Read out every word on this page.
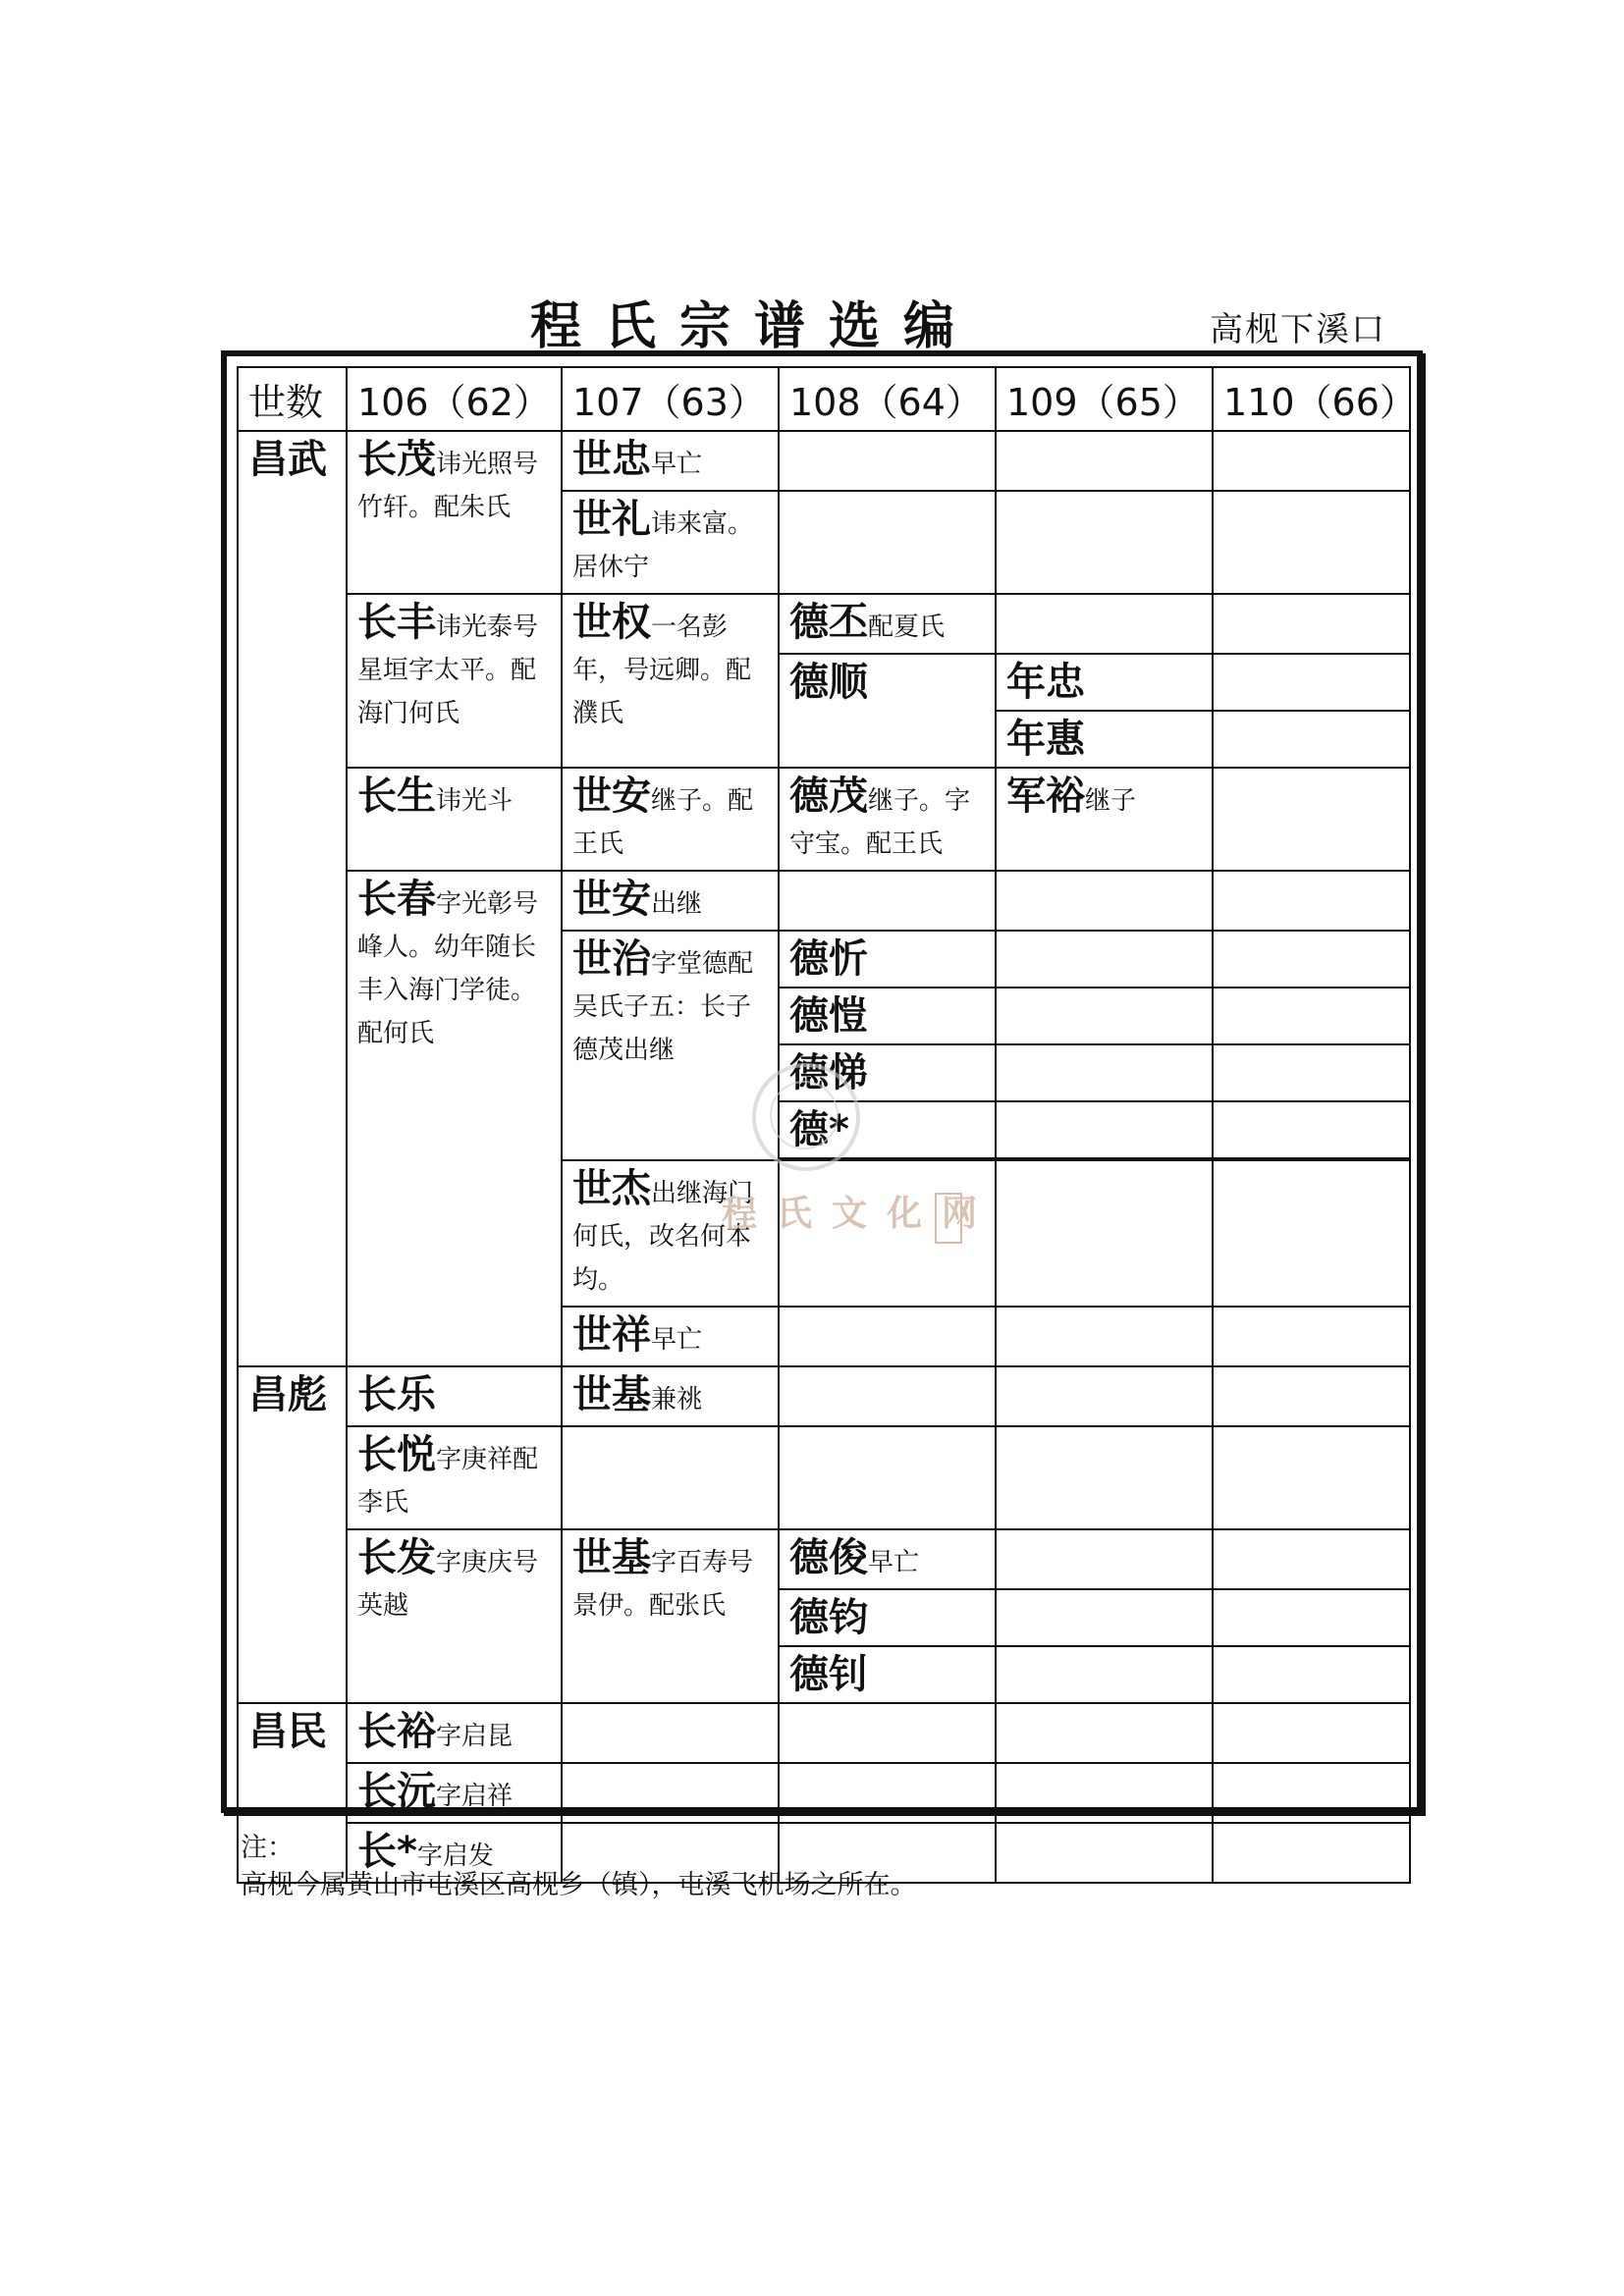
程氏宗谱选编	高枧下溪口
世数	106（62）	107（63）	108（64）	109（65）	110（66）
昌武	长茂讳光照号竹轩。配朱氏	世忠早亡			
		世礼讳来富。居休宁			
	长丰讳光泰号星垣字太平。配海门何氏	世权一名彭年，号远卿。配濮氏	德丕配夏氏		
			德顺	年忠	
				年惠	
	长生讳光斗	世安继子。配王氏	德茂继子。字守宝。配王氏	军裕继子	
	长春字光彰号峰人。幼年随长丰入海门学徒。配何氏	世安出继			
		世治字堂德配吴氏子五：长子德茂出继	德忻		
			德愷		
			德悌		
			德*		

		世杰出继海门何氏，改名何本均。			
		世祥早亡			

昌彪	长乐	世基兼祧			
	长悦字庚祥配李氏				
	长发字庚庆号英越	世基字百寿号景伊。配张氏	德俊早亡		
			德钧		
			德钊		
昌民	长裕字启昆				
	长沅字启祥				
	长*字启发				
程氏文化网
注：
高枧今属黄山市屯溪区高枧乡（镇），屯溪飞机场之所在。
